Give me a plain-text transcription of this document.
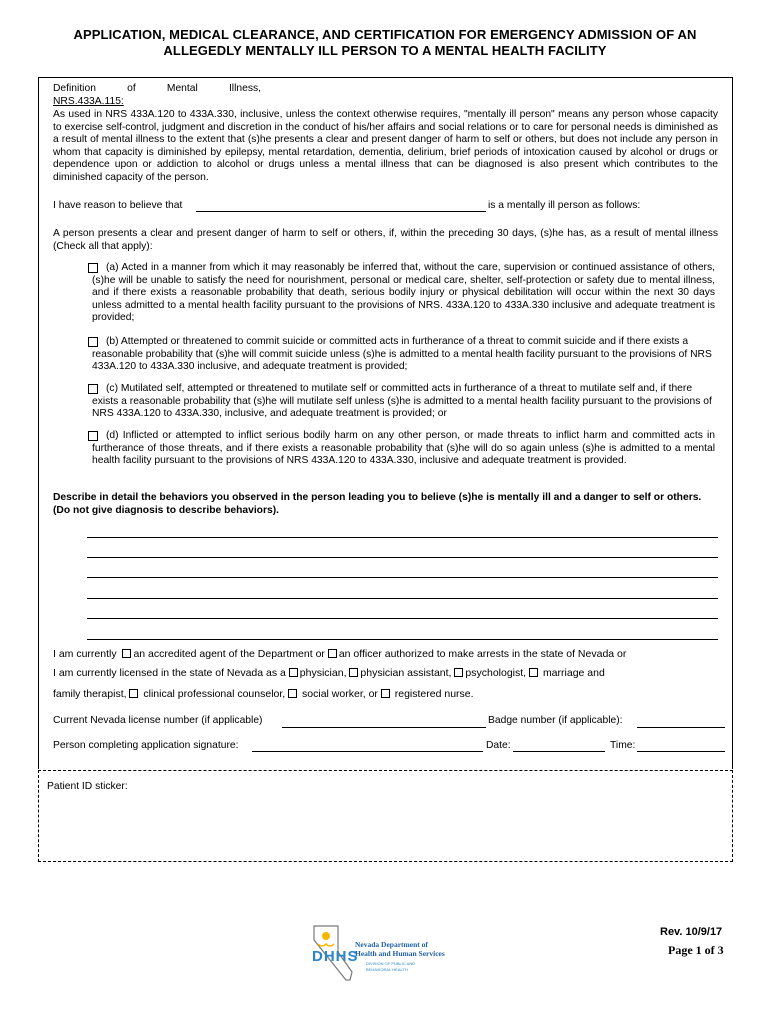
APPLICATION, MEDICAL CLEARANCE, AND CERTIFICATION FOR EMERGENCY ADMISSION OF AN
ALLEGEDLY MENTALLY ILL PERSON TO A MENTAL HEALTH FACILITY
Definition of Mental Illness,
NRS.433A.115:
As used in NRS 433A.120 to 433A.330, inclusive, unless the context otherwise requires, "mentally ill person" means any person whose capacity to exercise self-control, judgment and discretion in the conduct of his/her affairs and social relations or to care for personal needs is diminished as a result of mental illness to the extent that (s)he presents a clear and present danger of harm to self or others, but does not include any person in whom that capacity is diminished by epilepsy, mental retardation, dementia, delirium, brief periods of intoxication caused by alcohol or drugs or dependence upon or addiction to alcohol or drugs unless a mental illness that can be diagnosed is also present which contributes to the diminished capacity of the person.
I have reason to believe that	is a mentally ill person as follows:
A person presents a clear and present danger of harm to self or others, if, within the preceding 30 days, (s)he has, as a result of mental illness (Check all that apply):
(a) Acted in a manner from which it may reasonably be inferred that, without the care, supervision or continued assistance of others, (s)he will be unable to satisfy the need for nourishment, personal or medical care, shelter, self-protection or safety due to mental illness, and if there exists a reasonable probability that death, serious bodily injury or physical debilitation will occur within the next 30 days unless admitted to a mental health facility pursuant to the provisions of NRS. 433A.120 to 433A.330 inclusive and adequate treatment is provided;
(b) Attempted or threatened to commit suicide or committed acts in furtherance of a threat to commit suicide and if there exists a reasonable probability that (s)he will commit suicide unless (s)he is admitted to a mental health facility pursuant to the provisions of NRS 433A.120 to 433A.330 inclusive, and adequate treatment is provided;
(c) Mutilated self, attempted or threatened to mutilate self or committed acts in furtherance of a threat to mutilate self and, if there exists a reasonable probability that (s)he will mutilate self unless (s)he is admitted to a mental health facility pursuant to the provisions of NRS 433A.120 to 433A.330, inclusive, and adequate treatment is provided; or
(d) Inflicted or attempted to inflict serious bodily harm on any other person, or made threats to inflict harm and committed acts in furtherance of those threats, and if there exists a reasonable probability that (s)he will do so again unless (s)he is admitted to a mental health facility pursuant to the provisions of NRS 433A.120 to 433A.330, inclusive and adequate treatment is provided.
Describe in detail the behaviors you observed in the person leading you to believe (s)he is mentally ill and a danger to self or others. (Do not give diagnosis to describe behaviors).
I am currently an accredited agent of the Department or an officer authorized to make arrests in the state of Nevada or
I am currently licensed in the state of Nevada as a physician, physician assistant, psychologist, marriage and
family therapist, clinical professional counselor, social worker, or registered nurse.
Current Nevada license number (if applicable)	Badge number (if applicable):
Person completing application signature:	Date:	Time:
Patient ID sticker:
DHHS
Nevada Department of
Health and Human Services
DIVISION OF PUBLIC AND
BEHAVIORAL HEALTH
Rev. 10/9/17
Page 1 of 3
